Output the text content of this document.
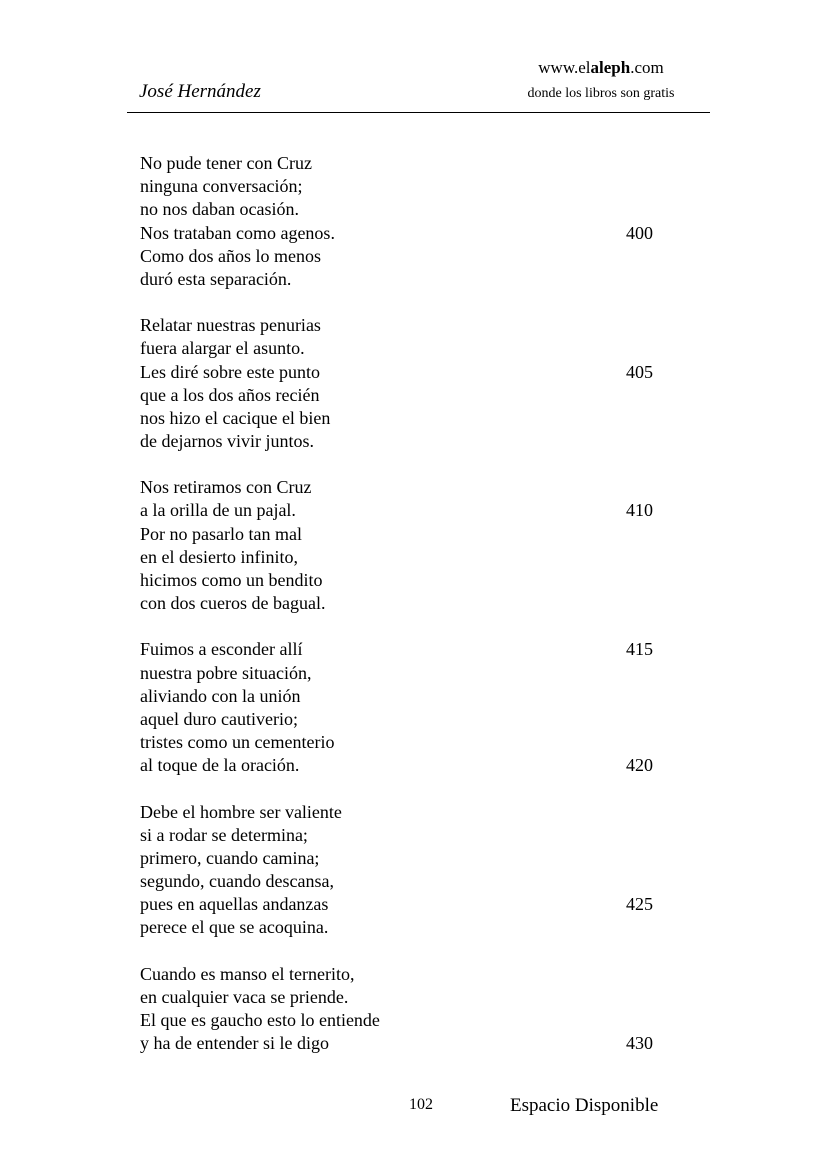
José Hernández
www.elaleph.com
donde los libros son gratis
No pude tener con Cruz
ninguna conversación;
no nos daban ocasión.
Nos trataban como agenos.	400
Como dos años lo menos
duró esta separación.
Relatar nuestras penurias
fuera alargar el asunto.
Les diré sobre este punto	405
que a los dos años recién
nos hizo el cacique el bien
de dejarnos vivir juntos.
Nos retiramos con Cruz
a la orilla de un pajal.	410
Por no pasarlo tan mal
en el desierto infinito,
hicimos como un bendito
con dos cueros de bagual.
Fuimos a esconder allí	415
nuestra pobre situación,
aliviando con la unión
aquel duro cautiverio;
tristes como un cementerio
al toque de la oración.	420
Debe el hombre ser valiente
si a rodar se determina;
primero, cuando camina;
segundo, cuando descansa,
pues en aquellas andanzas	425
perece el que se acoquina.
Cuando es manso el ternerito,
en cualquier vaca se priende.
El que es gaucho esto lo entiende
y ha de entender si le digo	430
102	Espacio Disponible
